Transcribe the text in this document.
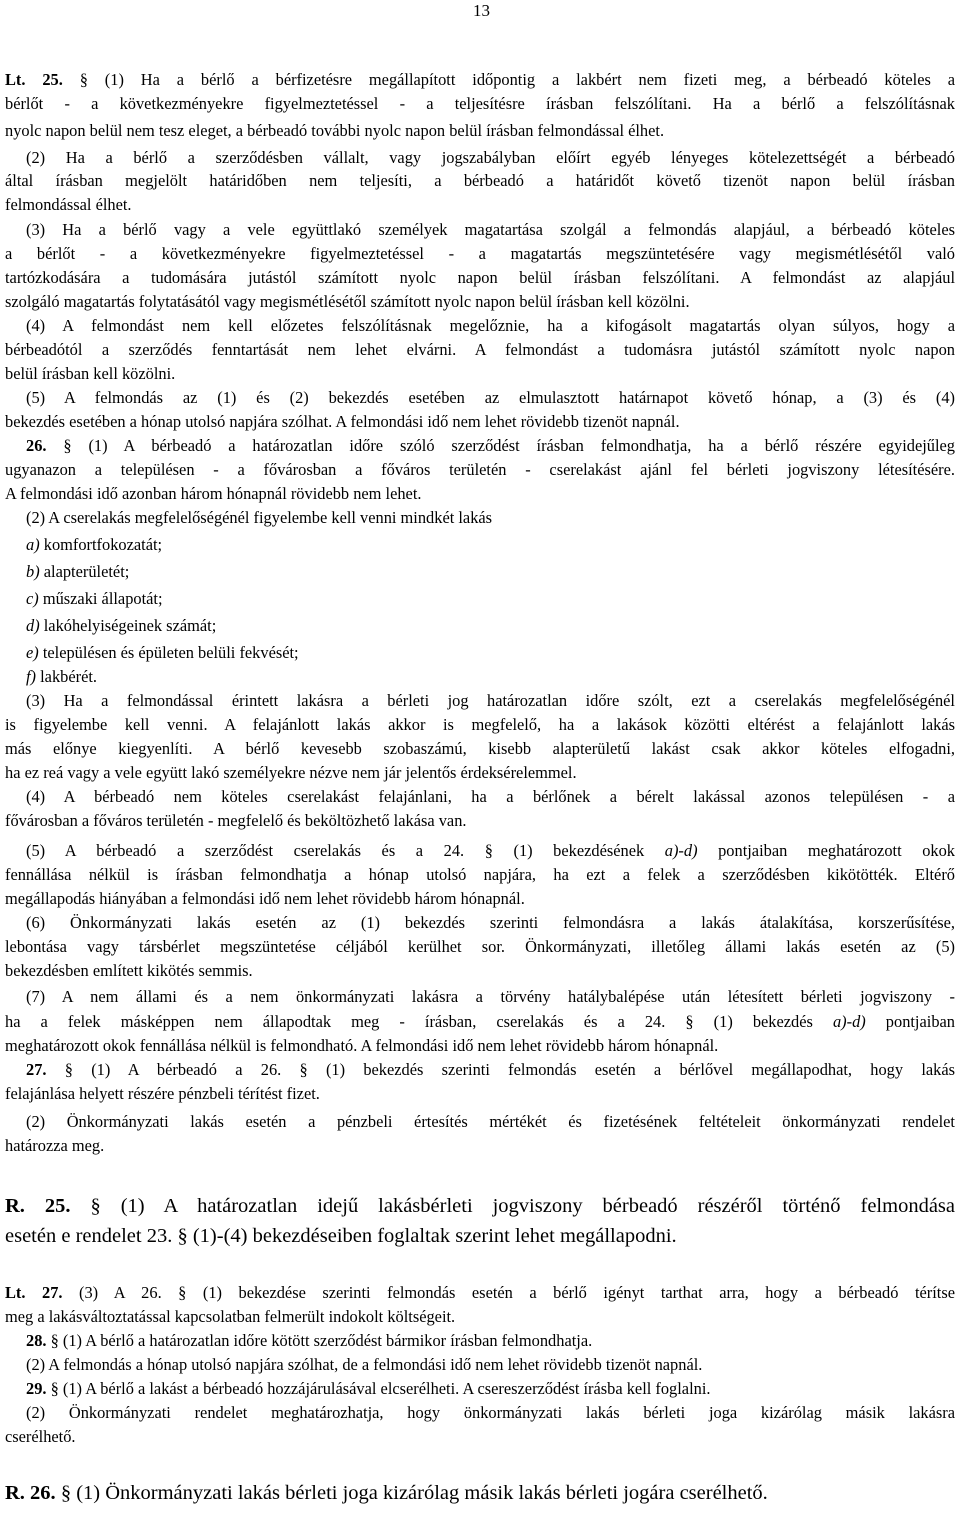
13
Lt. 25. § (1) Ha a bérlő a bérfizetésre megállapított időpontig a lakbért nem fizeti meg, a bérbeadó köteles a
bérlőt - a következményekre figyelmeztetéssel - a teljesítésre írásban felszólítani. Ha a bérlő a felszólításnak
nyolc napon belül nem tesz eleget, a bérbeadó további nyolc napon belül írásban felmondással élhet.
(2) Ha a bérlő a szerződésben vállalt, vagy jogszabályban előírt egyéb lényeges kötelezettségét a bérbeadó
által írásban megjelölt határidőben nem teljesíti, a bérbeadó a határidőt követő tizenöt napon belül írásban
felmondással élhet.
(3) Ha a bérlő vagy a vele együttlakó személyek magatartása szolgál a felmondás alapjául, a bérbeadó köteles
a bérlőt - a következményekre figyelmeztetéssel - a magatartás megszüntetésére vagy megismétlésétől való
tartózkodására a tudomására jutástól számított nyolc napon belül írásban felszólítani. A felmondást az alapjául
szolgáló magatartás folytatásától vagy megismétlésétől számított nyolc napon belül írásban kell közölni.
(4) A felmondást nem kell előzetes felszólításnak megelőznie, ha a kifogásolt magatartás olyan súlyos, hogy a
bérbeadótól a szerződés fenntartását nem lehet elvárni. A felmondást a tudomásra jutástól számított nyolc napon
belül írásban kell közölni.
(5) A felmondás az (1) és (2) bekezdés esetében az elmulasztott határnapot követő hónap, a (3) és (4)
bekezdés esetében a hónap utolsó napjára szólhat. A felmondási idő nem lehet rövidebb tizenöt napnál.
26. § (1) A bérbeadó a határozatlan időre szóló szerződést írásban felmondhatja, ha a bérlő részére egyidejűleg
ugyanazon a településen - a fővárosban a főváros területén - cserelakást ajánl fel bérleti jogviszony létesítésére.
A felmondási idő azonban három hónapnál rövidebb nem lehet.
(2) A cserelakás megfelelőségénél figyelembe kell venni mindkét lakás
a) komfortfokozatát;
b) alapterületét;
c) műszaki állapotát;
d) lakóhelyiségeinek számát;
e) településen és épületen belüli fekvését;
f) lakbérét.
(3) Ha a felmondással érintett lakásra a bérleti jog határozatlan időre szólt, ezt a cserelakás megfelelőségénél
is figyelembe kell venni. A felajánlott lakás akkor is megfelelő, ha a lakások közötti eltérést a felajánlott lakás
más előnye kiegyenlíti. A bérlő kevesebb szobaszámú, kisebb alapterületű lakást csak akkor köteles elfogadni,
ha ez reá vagy a vele együtt lakó személyekre nézve nem jár jelentős érdeksérelemmel.
(4) A bérbeadó nem köteles cserelakást felajánlani, ha a bérlőnek a bérelt lakással azonos településen - a
fővárosban a főváros területén - megfelelő és beköltözhető lakása van.
(5) A bérbeadó a szerződést cserelakás és a 24. § (1) bekezdésének a)-d) pontjaiban meghatározott okok
fennállása nélkül is írásban felmondhatja a hónap utolsó napjára, ha ezt a felek a szerződésben kikötötték. Eltérő
megállapodás hiányában a felmondási idő nem lehet rövidebb három hónapnál.
(6) Önkormányzati lakás esetén az (1) bekezdés szerinti felmondásra a lakás átalakítása, korszerűsítése,
lebontása vagy társbérlet megszüntetése céljából kerülhet sor. Önkormányzati, illetőleg állami lakás esetén az (5)
bekezdésben említett kikötés semmis.
(7) A nem állami és a nem önkormányzati lakásra a törvény hatálybalépése után létesített bérleti jogviszony -
ha a felek másképpen nem állapodtak meg - írásban, cserelakás és a 24. § (1) bekezdés a)-d) pontjaiban
meghatározott okok fennállása nélkül is felmondható. A felmondási idő nem lehet rövidebb három hónapnál.
27. § (1) A bérbeadó a 26. § (1) bekezdés szerinti felmondás esetén a bérlővel megállapodhat, hogy lakás
felajánlása helyett részére pénzbeli térítést fizet.
(2) Önkormányzati lakás esetén a pénzbeli értesítés mértékét és fizetésének feltételeit önkormányzati rendelet
határozza meg.
R. 25. § (1) A határozatlan idejű lakásbérleti jogviszony bérbeadó részéről történő felmondása
esetén e rendelet 23. § (1)-(4) bekezdéseiben foglaltak szerint lehet megállapodni.
Lt. 27. (3) A 26. § (1) bekezdése szerinti felmondás esetén a bérlő igényt tarthat arra, hogy a bérbeadó térítse
meg a lakásváltoztatással kapcsolatban felmerült indokolt költségeit.
28. § (1) A bérlő a határozatlan időre kötött szerződést bármikor írásban felmondhatja.
(2) A felmondás a hónap utolsó napjára szólhat, de a felmondási idő nem lehet rövidebb tizenöt napnál.
29. § (1) A bérlő a lakást a bérbeadó hozzájárulásával elcserélheti. A csereszerződést írásba kell foglalni.
(2) Önkormányzati rendelet meghatározhatja, hogy önkormányzati lakás bérleti joga kizárólag másik lakásra
cserélhető.
R. 26. § (1) Önkormányzati lakás bérleti joga kizárólag másik lakás bérleti jogára cserélhető.
